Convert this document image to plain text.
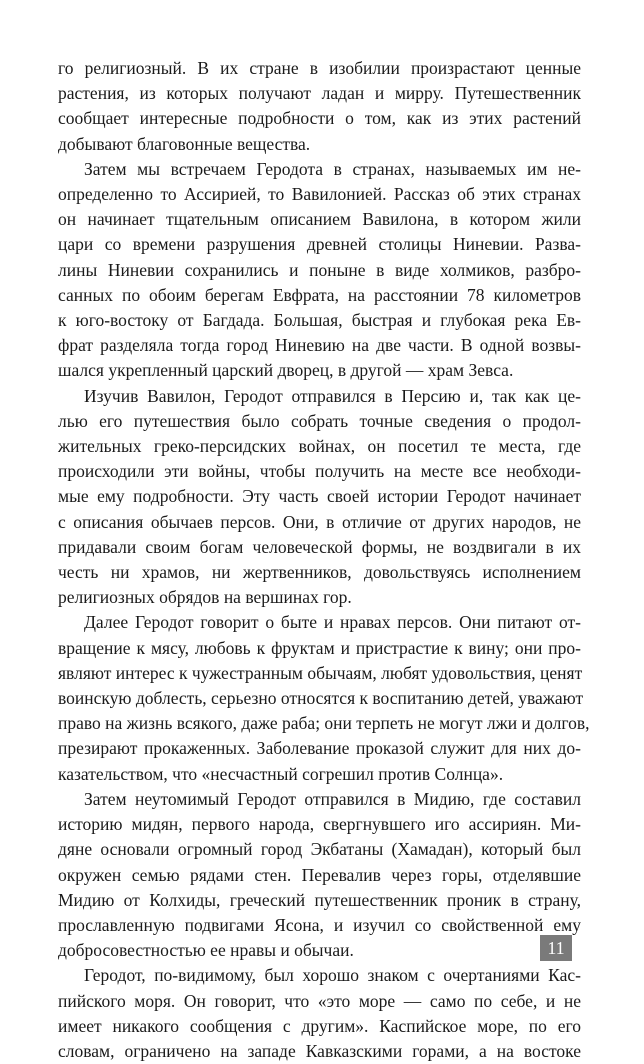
го религиозный. В их стране в изобилии произрастают ценные
растения, из которых получают ладан и мирру. Путешественник
сообщает интересные подробности о том, как из этих растений
добывают благовонные вещества.

Затем мы встречаем Геродота в странах, называемых им не-
определенно то Ассирией, то Вавилонией. Рассказ об этих странах
он начинает тщательным описанием Вавилона, в котором жили
цари со времени разрушения древней столицы Ниневии. Разва-
лины Ниневии сохранились и поныне в виде холмиков, разбро-
санных по обоим берегам Евфрата, на расстоянии 78 километров
к юго-востоку от Багдада. Большая, быстрая и глубокая река Ев-
фрат разделяла тогда город Ниневию на две части. В одной возвы-
шался укрепленный царский дворец, в другой — храм Зевса.

Изучив Вавилон, Геродот отправился в Персию и, так как це-
лью его путешествия было собрать точные сведения о продол-
жительных греко-персидских войнах, он посетил те места, где
происходили эти войны, чтобы получить на месте все необходи-
мые ему подробности. Эту часть своей истории Геродот начинает
с описания обычаев персов. Они, в отличие от других народов, не
придавали своим богам человеческой формы, не воздвигали в их
честь ни храмов, ни жертвенников, довольствуясь исполнением
религиозных обрядов на вершинах гор.

Далее Геродот говорит о быте и нравах персов. Они питают от-
вращение к мясу, любовь к фруктам и пристрастие к вину; они про-
являют интерес к чужестранным обычаям, любят удовольствия, ценят
воинскую доблесть, серьезно относятся к воспитанию детей, уважают
право на жизнь всякого, даже раба; они терпеть не могут лжи и долгов,
презирают прокаженных. Заболевание проказой служит для них до-
казательством, что «несчастный согрешил против Солнца».

Затем неутомимый Геродот отправился в Мидию, где составил
историю мидян, первого народа, свергнувшего иго ассириян. Ми-
дяне основали огромный город Экбатаны (Хамадан), который был
окружен семью рядами стен. Перевалив через горы, отделявшие
Мидию от Колхиды, греческий путешественник проник в страну,
прославленную подвигами Ясона, и изучил со свойственной ему
добросовестностью ее нравы и обычаи.

Геродот, по-видимому, был хорошо знаком с очертаниями Кас-
пийского моря. Он говорит, что «это море — само по себе, и не
имеет никакого сообщения с другим». Каспийское море, по его
словам, ограничено на западе Кавказскими горами, а на востоке

11
